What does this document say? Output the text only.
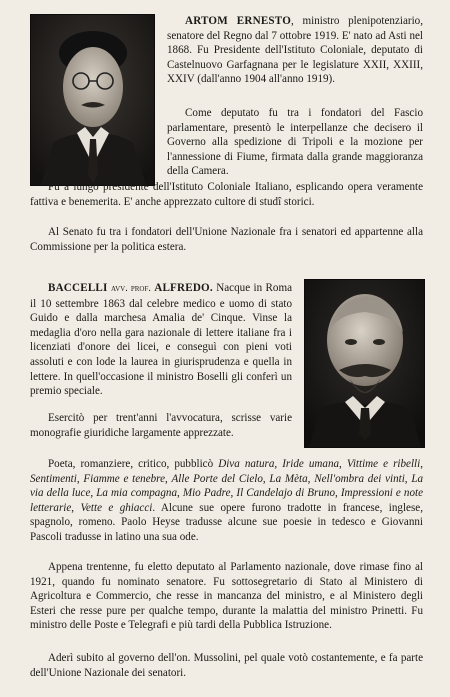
ARTOM ERNESTO, ministro plenipotenziario, senatore del Regno dal 7 ottobre 1919. E' nato ad Asti nel 1868. Fu Presidente dell'Istituto Coloniale, deputato di Castelnuovo Garfagnana per le legislature XXII, XXIII, XXIV (dall'anno 1904 all'anno 1919).

Come deputato fu tra i fondatori del Fascio parlamentare, presentò le interpellanze che decisero il Governo alla spedizione di Tripoli e la mozione per l'annessione di Fiume, firmata dalla grande maggioranza della Camera.

Fu a lungo presidente dell'Istituto Coloniale Italiano, esplicando opera veramente fattiva e benemerita. E' anche apprezzato cultore di studî storici.

Al Senato fu tra i fondatori dell'Unione Nazionale fra i senatori ed appartenne alla Commissione per la politica estera.

BACCELLI avv. prof. ALFREDO. Nacque in Roma il 10 settembre 1863 dal celebre medico e uomo di stato Guido e dalla marchesa Amalia de' Cinque. Vinse la medaglia d'oro nella gara nazionale di lettere italiane fra i licenziati d'onore dei licei, e conseguì con pieni voti assoluti e con lode la laurea in giurisprudenza e quella in lettere. In quell'occasione il ministro Boselli gli conferì un premio speciale.

Esercitò per trent'anni l'avvocatura, scrisse varie monografie giuridiche largamente apprezzate.

Poeta, romanziere, critico, pubblicò Diva natura, Iride umana, Vittime e ribelli, Sentimenti, Fiamme e tenebre, Alle Porte del Cielo, La Mèta, Nell'ombra dei vinti, La via della luce, La mia compagna, Mio Padre, Il Candelajo di Bruno, Impressioni e note letterarie, Vette e ghiacci. Alcune sue opere furono tradotte in francese, inglese, spagnolo, romeno. Paolo Heyse tradusse alcune sue poesie in tedesco e Giovanni Pascoli tradusse in latino una sua ode.

Appena trentenne, fu eletto deputato al Parlamento nazionale, dove rimase fino al 1921, quando fu nominato senatore. Fu sottosegretario di Stato al Ministero di Agricoltura e Commercio, che resse in mancanza del ministro, e al Ministero degli Esteri che resse pure per qualche tempo, durante la malattia del ministro Prinetti. Fu ministro delle Poste e Telegrafi e più tardi della Pubblica Istruzione.

Aderì subito al governo dell'on. Mussolini, pel quale votò costantemente, e fa parte dell'Unione Nazionale dei senatori.
